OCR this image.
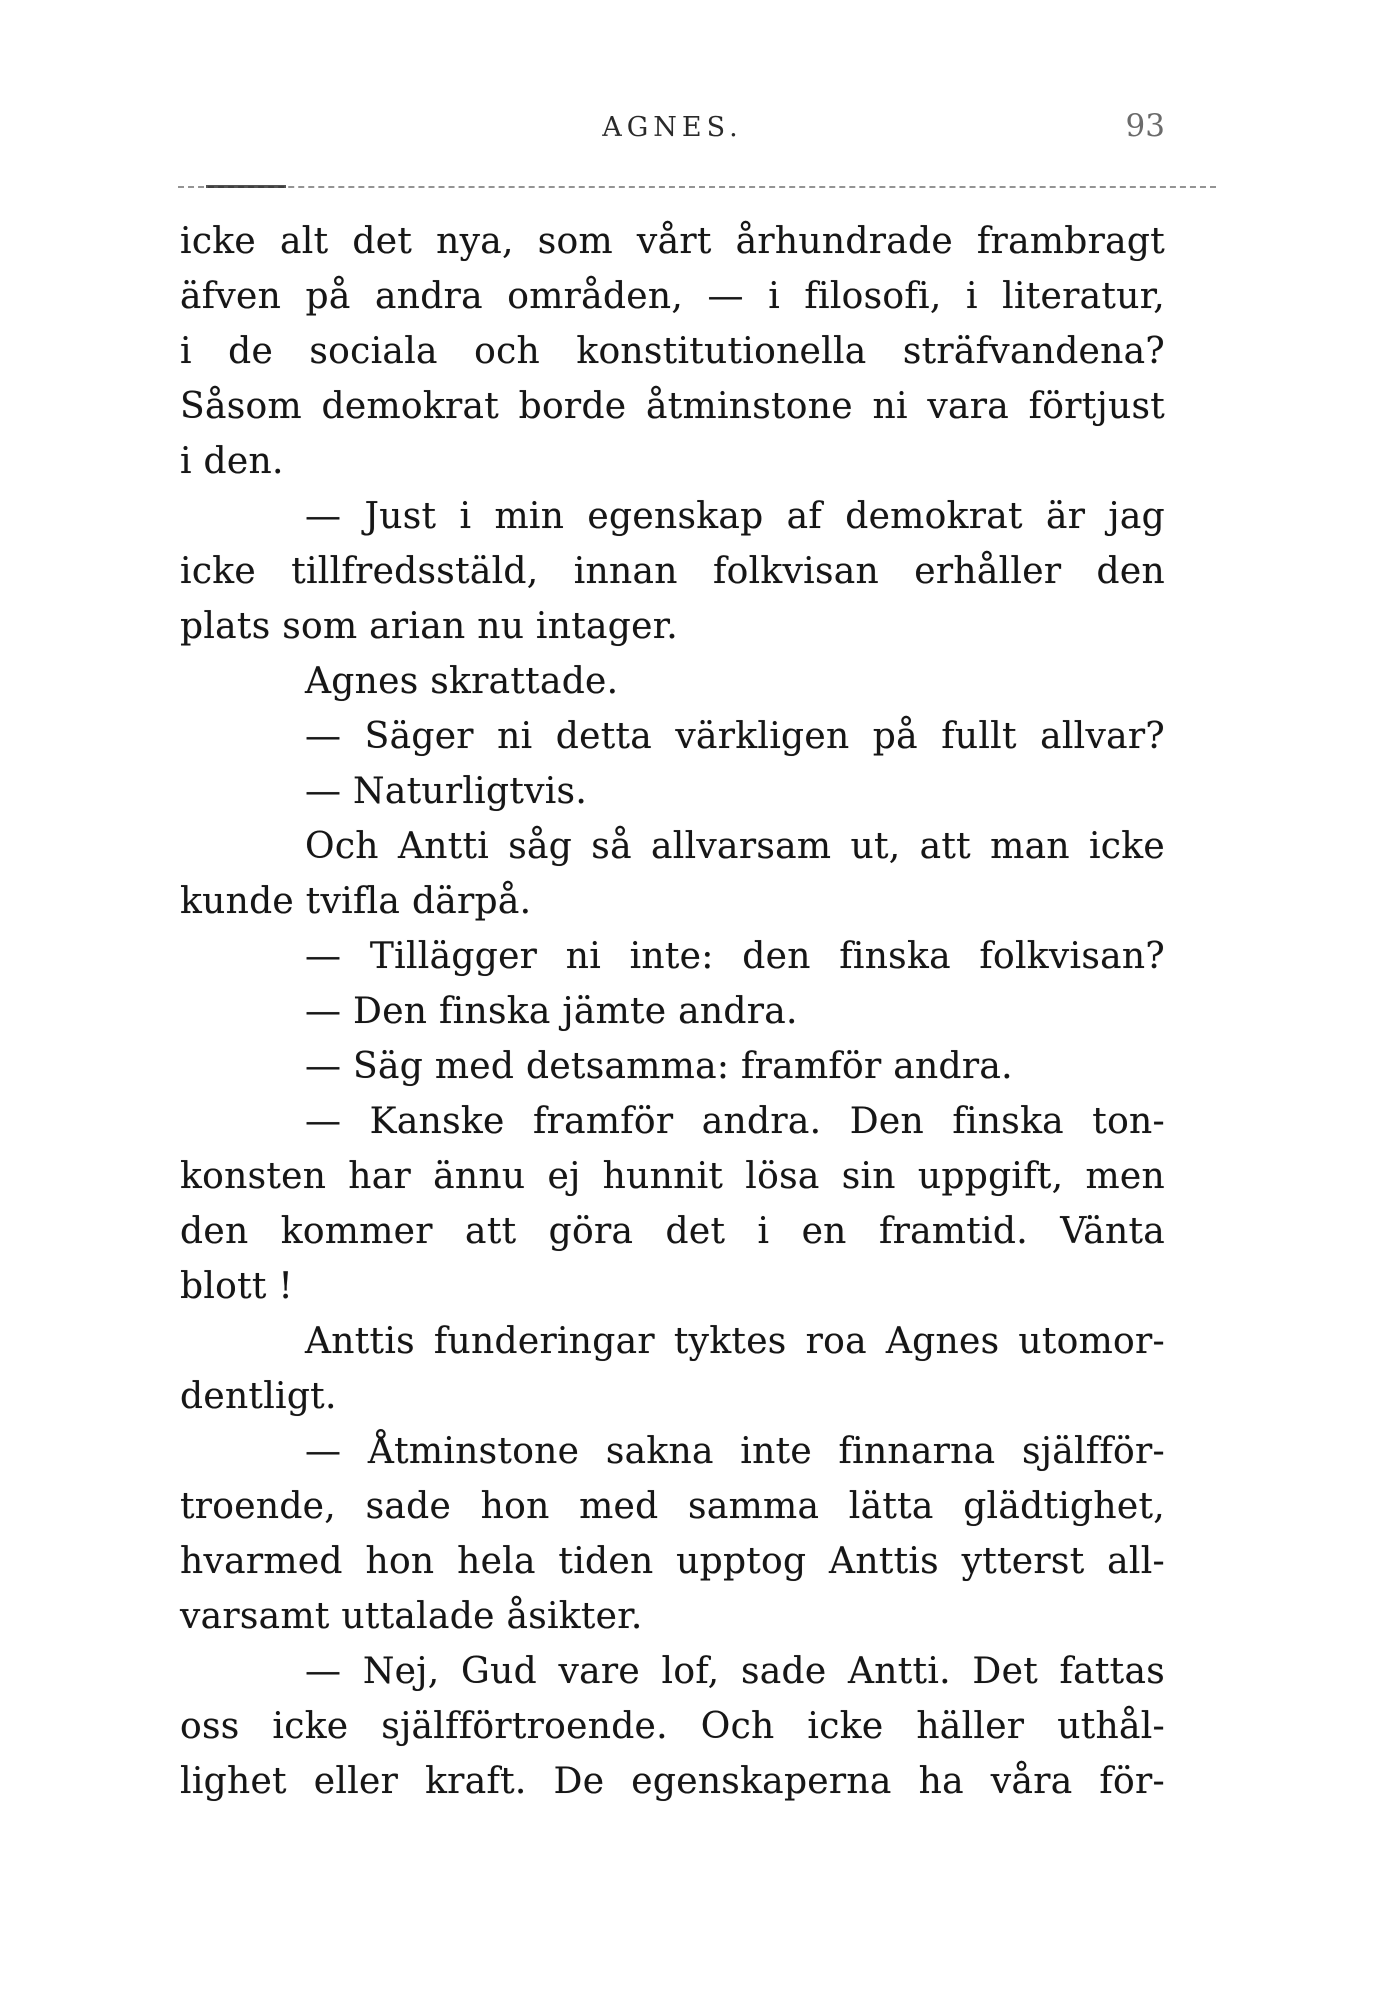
AGNES.	93
icke alt det nya, som vårt århundrade frambragt
äfven på andra områden, — i filosofi, i literatur,
i de sociala och konstitutionella sträfvandena?
Såsom demokrat borde åtminstone ni vara förtjust
i den.
— Just i min egenskap af demokrat är jag
icke tillfredsstäld, innan folkvisan erhåller den
plats som arian nu intager.
Agnes skrattade.
— Säger ni detta värkligen på fullt allvar?
— Naturligtvis.
Och Antti såg så allvarsam ut, att man icke
kunde tvifla därpå.
— Tillägger ni inte: den finska folkvisan?
— Den finska jämte andra.
— Säg med detsamma: framför andra.
— Kanske framför andra. Den finska ton-
konsten har ännu ej hunnit lösa sin uppgift, men
den kommer att göra det i en framtid. Vänta
blott !
Anttis funderingar tyktes roa Agnes utomor-
dentligt.
— Åtminstone sakna inte finnarna själfför-
troende, sade hon med samma lätta glädtighet,
hvarmed hon hela tiden upptog Anttis ytterst all-
varsamt uttalade åsikter.
— Nej, Gud vare lof, sade Antti. Det fattas
oss icke själfförtroende. Och icke häller uthål-
lighet eller kraft. De egenskaperna ha våra för-
